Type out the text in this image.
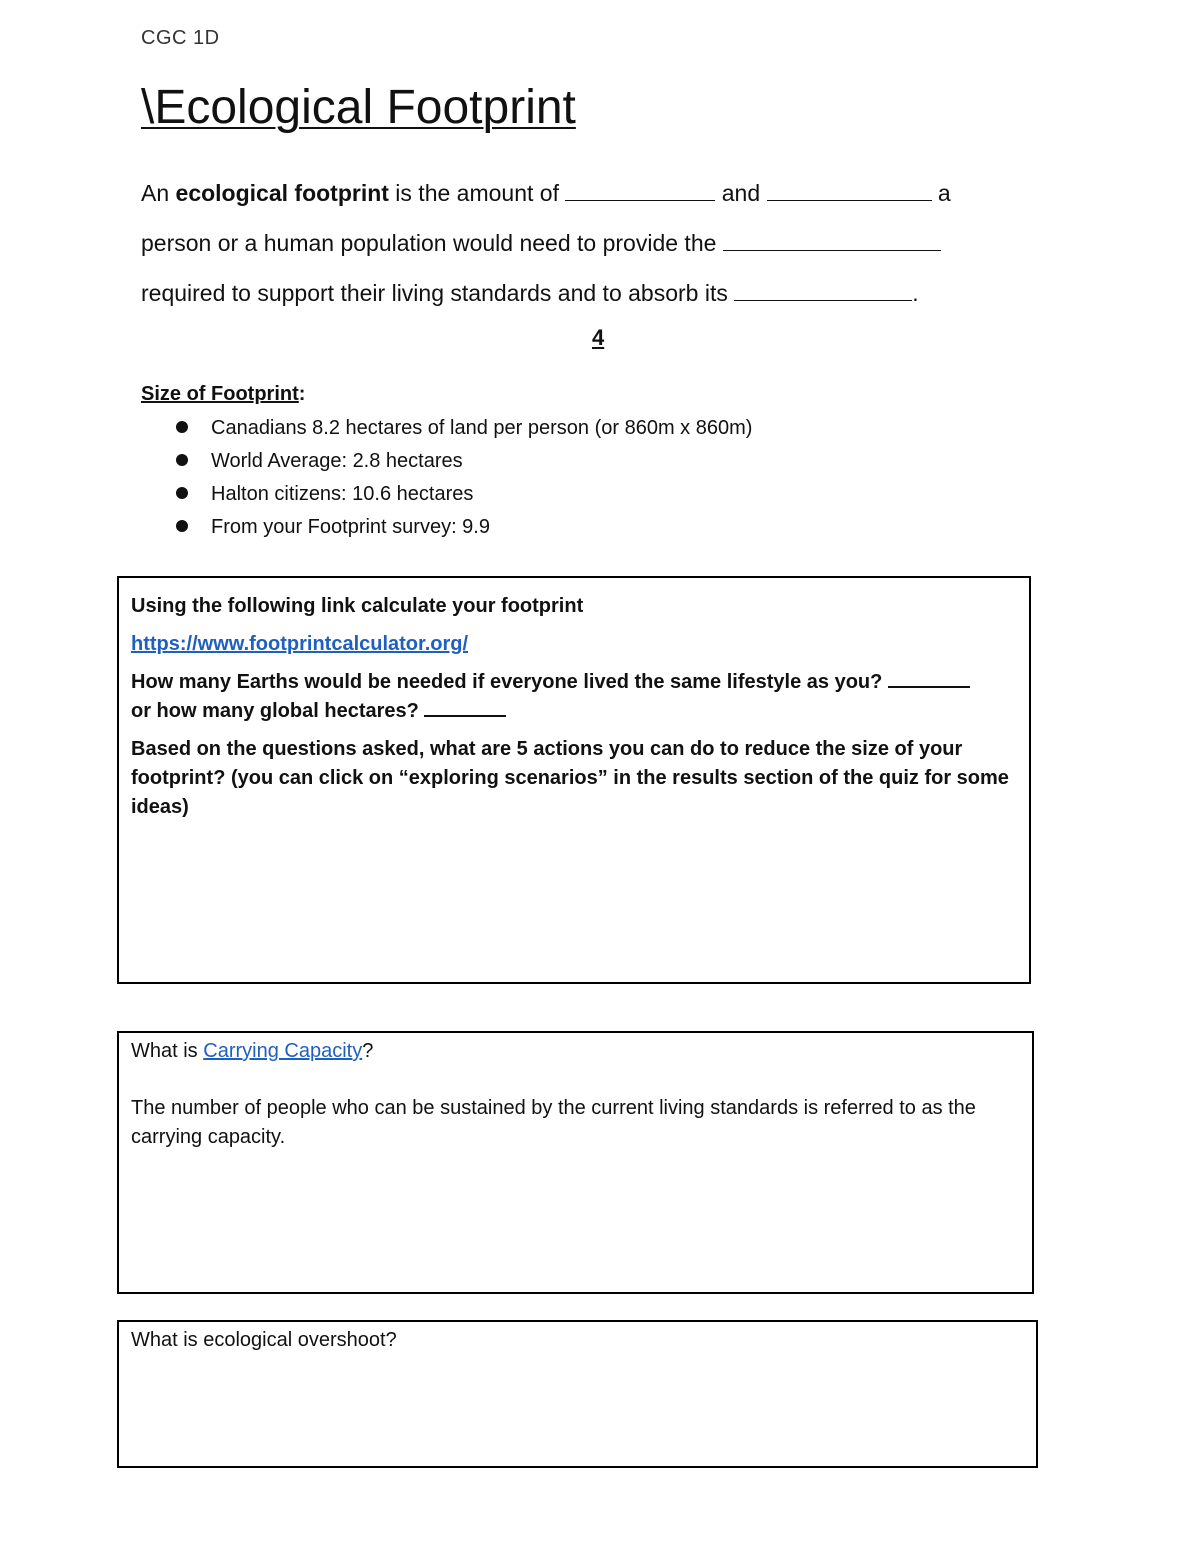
CGC 1D
\Ecological Footprint

An ecological footprint is the amount of	and	a person or a human population would need to provide the  required to support their living standards and to absorb its	.

4
Size of Footprint:
Canadians 8.2 hectares of land per person (or 860m x 860m)
World Average: 2.8 hectares
Halton citizens: 10.6 hectares
From your Footprint survey: 9.9

Using the following link calculate your footprint

https://www.footprintcalculator.org/

How many Earths would be needed if everyone lived the same lifestyle as you?
or how many global hectares?

Based on the questions asked, what are 5 actions you can do to reduce the size of your footprint? (you can click on “exploring scenarios” in the results section of the quiz for some ideas)

What is Carrying Capacity?

The number of people who can be sustained by the current living standards is referred to as the carrying capacity.

What is ecological overshoot?
